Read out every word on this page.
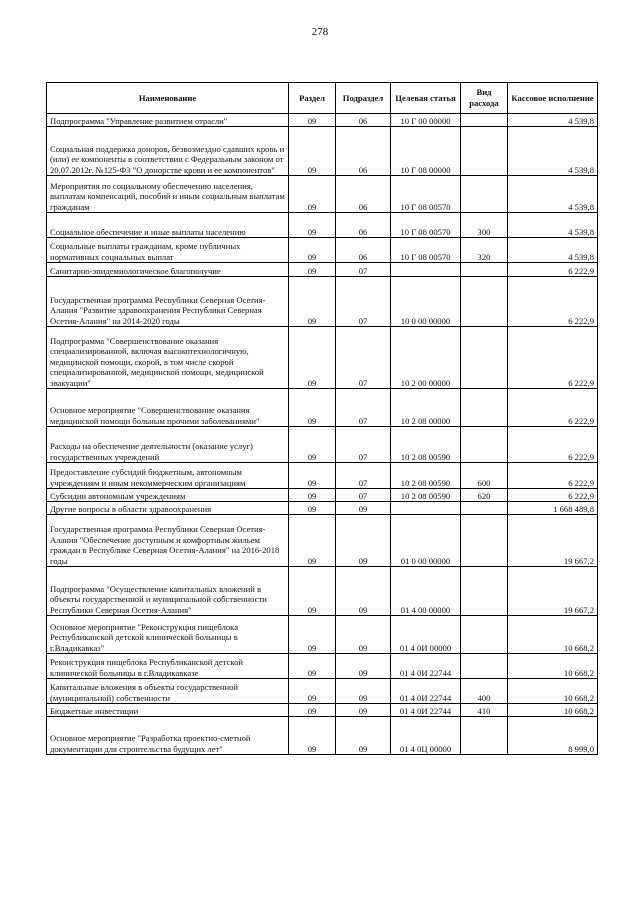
278
Наименование	Раздел	Подраздел	Целевая статья	Вид расхода	Кассовое исполнение
Подпрограмма "Управление развитием отрасли"	09	06	10 Г 00 00000		4 539,8
Социальная поддержка доноров, безвозмездно сдавших кровь и (или) ее компоненты в соответствии с Федеральным законом от 20.07.2012г. №125-ФЗ "О донорстве крови и ее компонентов"	09	06	10 Г 08 00000		4 539,8
Мероприятия по социальному обеспечению населения, выплатам компенсаций, пособий и иным социальным выплатам гражданам	09	06	10 Г 08 00570		4 539,8
Социальное обеспечение и иные выплаты населению	09	06	10 Г 08 00570	300	4 539,8
Социальные выплаты гражданам, кроме публичных нормативных социальных выплат	09	06	10 Г 08 00570	320	4 539,8
Санитарно-эпидемиологическое благополучие	09	07			6 222,9
Государственная программа Республики Северная Осетия-Алания "Развитие здравоохранения Республики Северная Осетия-Алания" на 2014-2020 годы	09	07	10 0 00 00000		6 222,9
Подпрограмма "Совершенствование оказания специализированной, включая высокотехнологичную, медицинской помощи, скорой, в том числе скорой специализированной, медицинской помощи, медицинской эвакуации"	09	07	10 2 00 00000		6 222,9
Основное мероприятие "Совершенствование оказания медицинской помощи больным прочими заболеваниями"	09	07	10 2 08 00000		6 222,9
Расходы на обеспечение деятельности (оказание услуг) государственных учреждений	09	07	10 2 08 00590		6 222,9
Предоставление субсидий бюджетным, автономным учреждениям и иным некоммерческим организациям	09	07	10 2 08 00590	600	6 222,9
Субсидии автономным учреждениям	09	07	10 2 08 00590	620	6 222,9
Другие вопросы в области здравоохранения	09	09			1 668 489,8
Государственная программа Республики Северная Осетия-Алания "Обеспечение доступным и комфортным жильем граждан в Республике Северная Осетия-Алания" на 2016-2018 годы	09	09	01 0 00 00000		19 667,2
Подпрограмма "Осуществление капитальных вложений в объекты государственной и муниципальной собственности Республики Северная Осетия-Алания"	09	09	01 4 00 00000		19 667,2
Основное мероприятие "Реконструкция пищеблока Республиканской детской клинической больницы в г.Владикавказ"	09	09	01 4 0И 00000		10 668,2
Реконструкция пищеблока Республиканской детской клинической больницы в г.Владикавказе	09	09	01 4 0И 22744		10 668,2
Капитальные вложения в объекты государственной (муниципальной) собственности	09	09	01 4 0И 22744	400	10 668,2
Бюджетные инвестиции	09	09	01 4 0И 22744	410	10 668,2
Основное мероприятие "Разработка проектно-сметной документации для строительства будущих лет"	09	09	01 4 0Ц 00000		8 999,0
